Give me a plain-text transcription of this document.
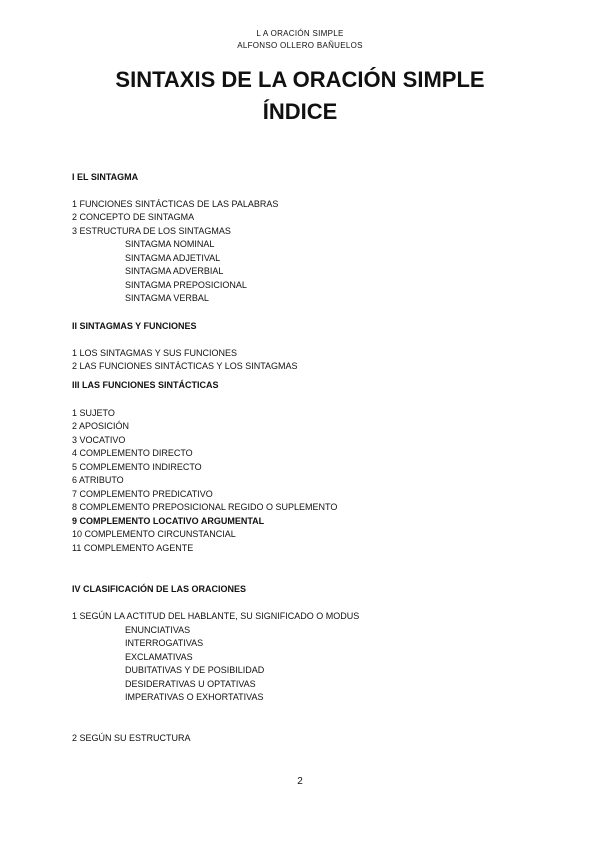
L A ORACIÓN SIMPLE
ALFONSO OLLERO BAÑUELOS
SINTAXIS DE LA ORACIÓN SIMPLE
ÍNDICE
I EL SINTAGMA
1 FUNCIONES SINTÁCTICAS DE LAS PALABRAS
2 CONCEPTO DE SINTAGMA
3 ESTRUCTURA DE LOS SINTAGMAS
SINTAGMA NOMINAL
SINTAGMA ADJETIVAL
SINTAGMA ADVERBIAL
SINTAGMA PREPOSICIONAL
SINTAGMA VERBAL
II SINTAGMAS Y FUNCIONES
1 LOS SINTAGMAS Y SUS FUNCIONES
2 LAS FUNCIONES SINTÁCTICAS Y LOS SINTAGMAS
III LAS FUNCIONES SINTÁCTICAS
1 SUJETO
2 APOSICIÓN
3 VOCATIVO
4 COMPLEMENTO DIRECTO
5 COMPLEMENTO INDIRECTO
6 ATRIBUTO
7 COMPLEMENTO PREDICATIVO
8 COMPLEMENTO PREPOSICIONAL REGIDO O SUPLEMENTO
9 COMPLEMENTO LOCATIVO ARGUMENTAL
10 COMPLEMENTO CIRCUNSTANCIAL
11 COMPLEMENTO AGENTE
IV CLASIFICACIÓN DE LAS ORACIONES
1 SEGÚN LA ACTITUD DEL HABLANTE, SU SIGNIFICADO O MODUS
ENUNCIATIVAS
INTERROGATIVAS
EXCLAMATIVAS
DUBITATIVAS Y DE POSIBILIDAD
DESIDERATIVAS U OPTATIVAS
IMPERATIVAS O EXHORTATIVAS
2 SEGÚN SU ESTRUCTURA
2
